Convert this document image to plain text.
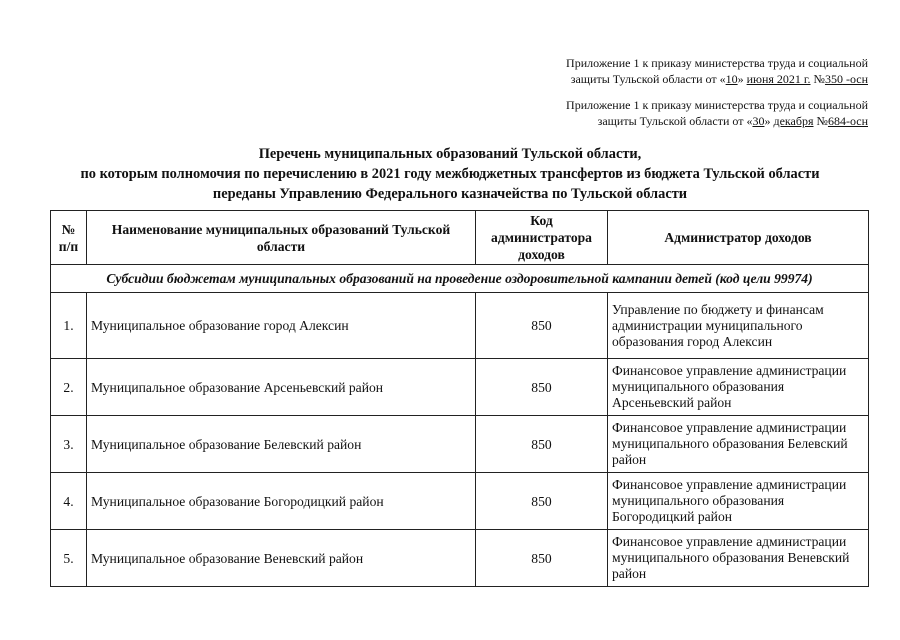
Приложение 1 к приказу министерства труда и социальной
защиты Тульской области от «10» июня 2021 г. №350 -осн
Приложение 1 к приказу министерства труда и социальной
защиты Тульской области от «30» декабря №684-осн
Перечень муниципальных образований Тульской области,
по которым полномочия по перечислению в 2021 году межбюджетных трансфертов из бюджета Тульской области
переданы Управлению Федерального казначейства по Тульской области
№ п/п	Наименование муниципальных образований Тульской области	Код администратора доходов	Администратор доходов
Субсидии бюджетам муниципальных образований на проведение оздоровительной кампании детей (код цели 99974)			
1.	Муниципальное образование город Алексин	850	Управление по бюджету и финансам администрации муниципального образования город Алексин
2.	Муниципальное образование Арсеньевский район	850	Финансовое управление администрации муниципального образования Арсеньевский район
3.	Муниципальное образование Белевский район	850	Финансовое управление администрации муниципального образования Белевский район
4.	Муниципальное образование Богородицкий район	850	Финансовое управление администрации муниципального образования Богородицкий район
5.	Муниципальное образование Веневский район	850	Финансовое управление администрации муниципального образования Веневский район
